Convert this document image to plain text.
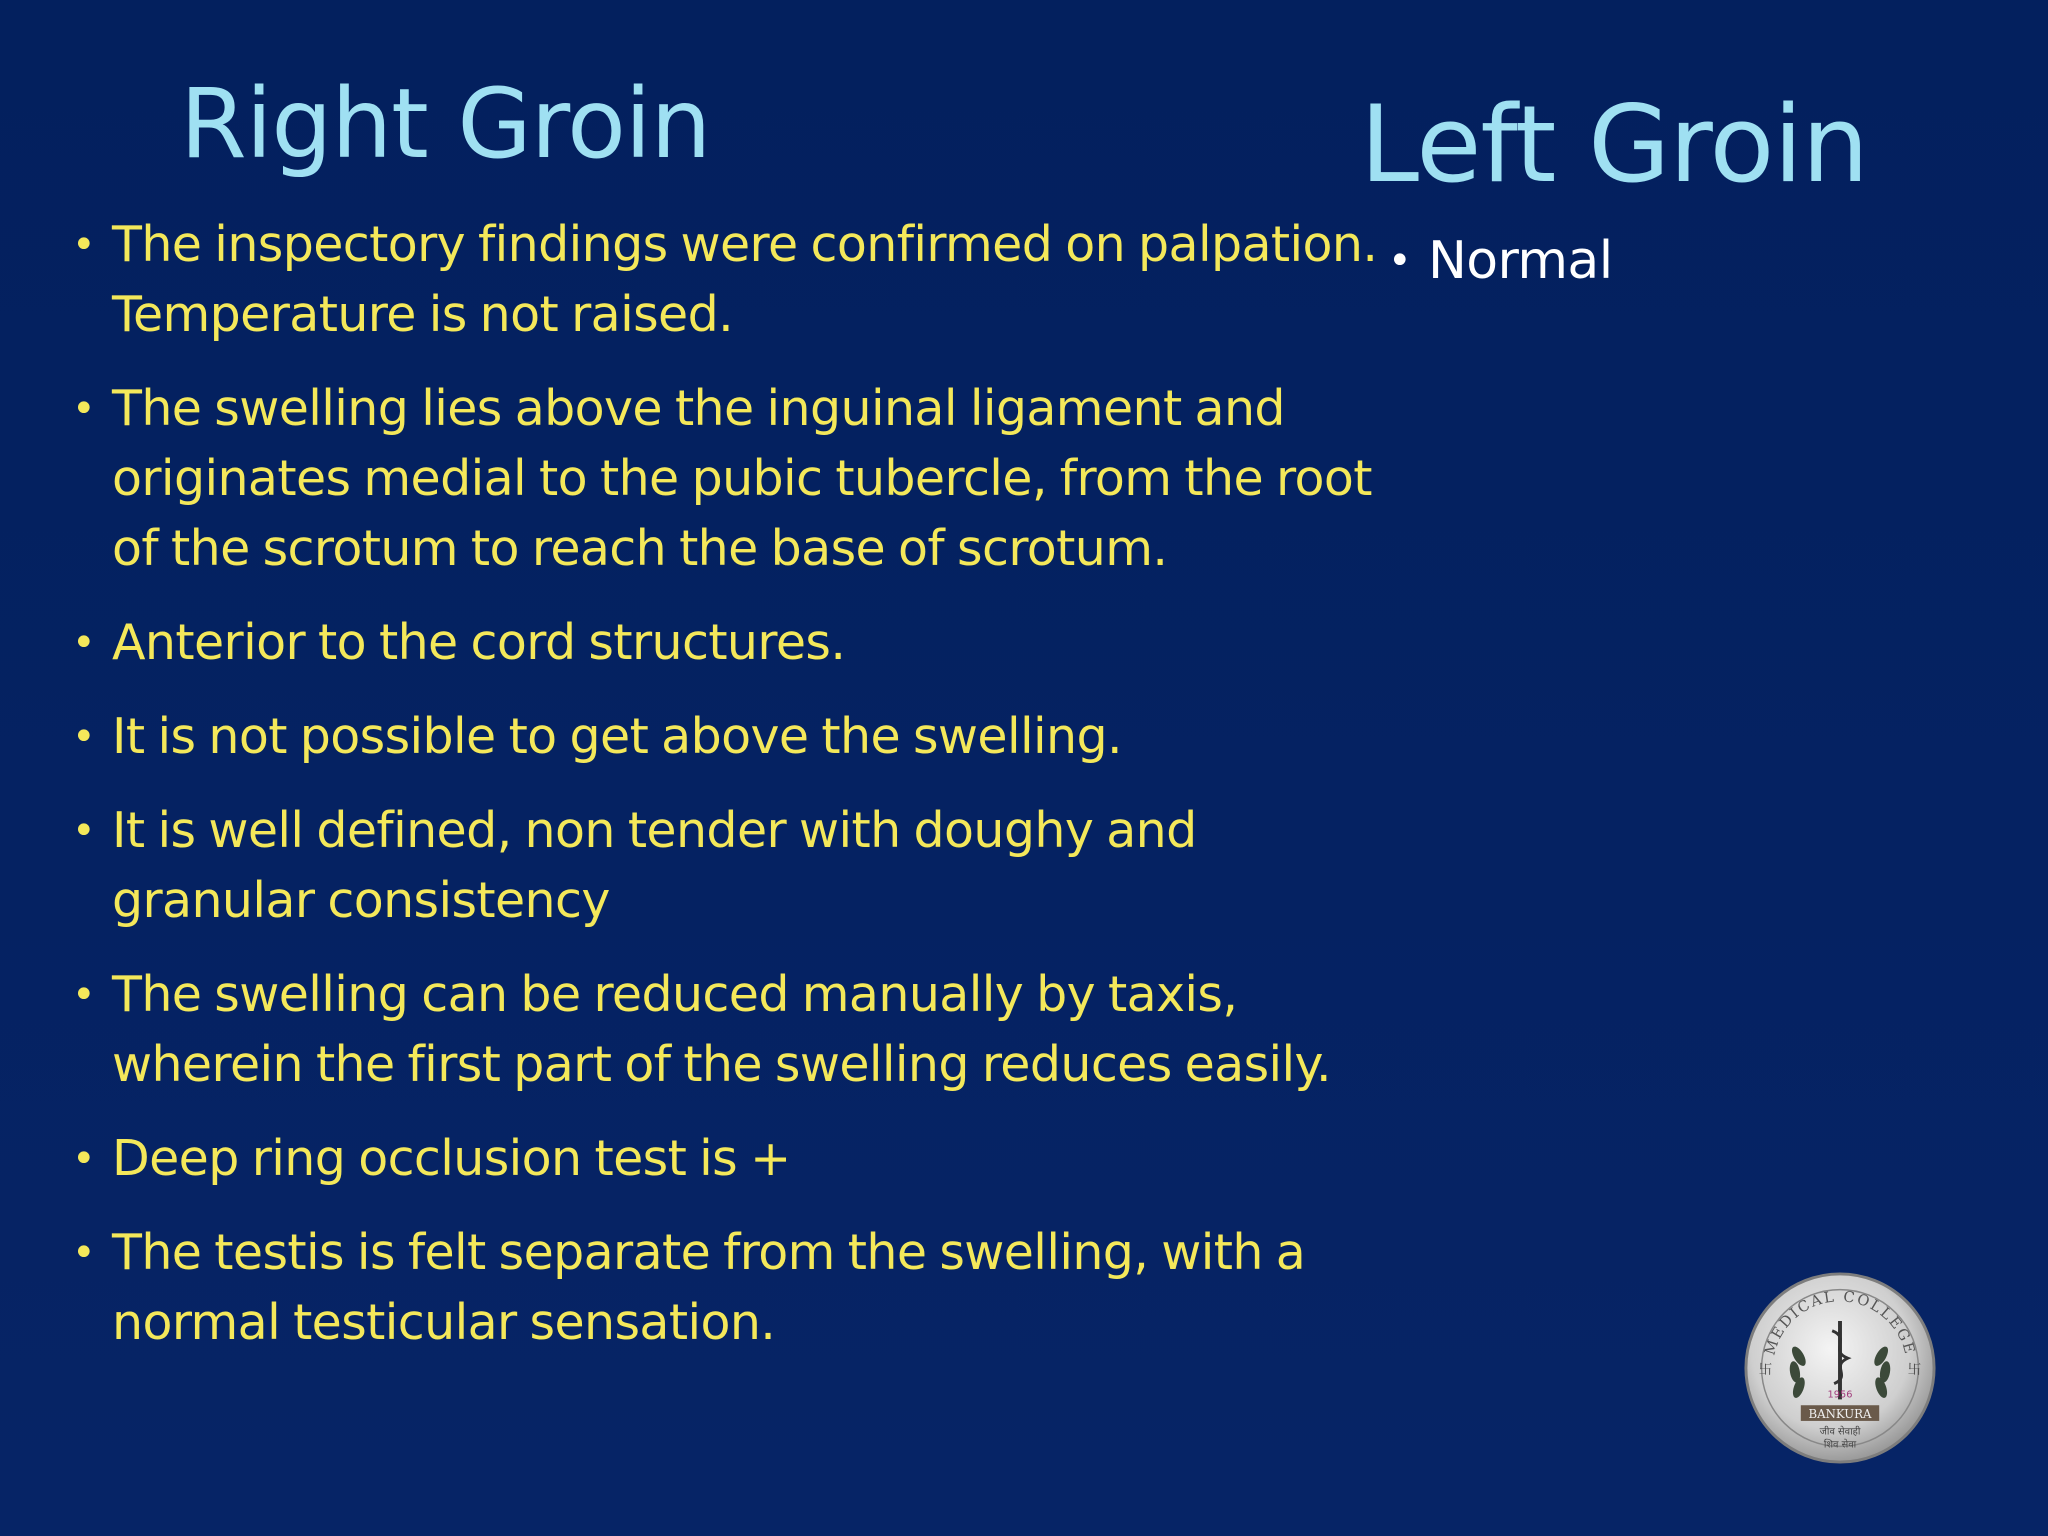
Right Groin	Left Groin
• The inspectory findings were confirmed on palpation. Temperature is not raised.
• The swelling lies above the inguinal ligament and originates medial to the pubic tubercle, from the root of the scrotum to reach the base of scrotum.
• Anterior to the cord structures.
• It is not possible to get above the swelling.
• It is well defined, non tender with doughy and granular consistency
• The swelling can be reduced manually by taxis, wherein the first part of the swelling reduces easily.
• Deep ring occlusion test is +
• The testis is felt separate from the swelling, with a normal testicular sensation.
• Normal
MEDICAL COLLEGE
1956
BANKURA
जीव सेवाही
शिव सेवा
卐	卐
